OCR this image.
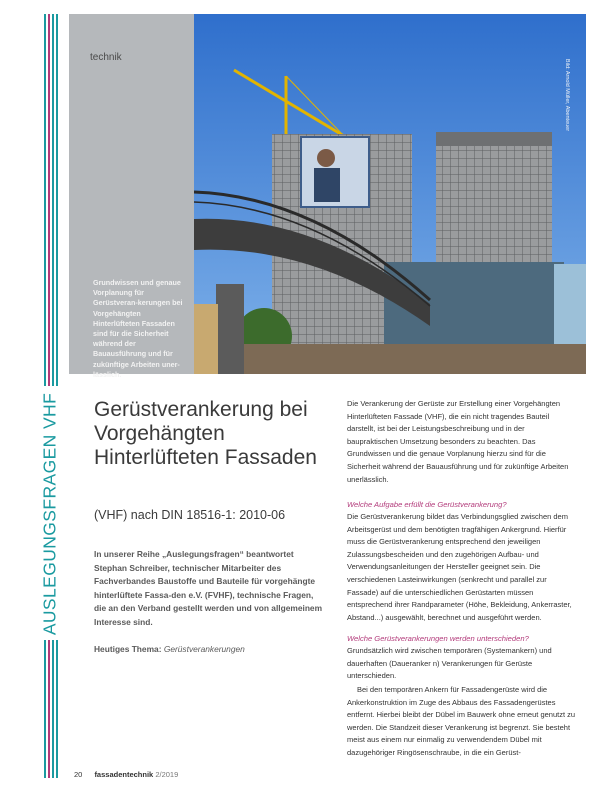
AUSLEGUNGSFRAGEN VHF
technik

Grundwissen und genaue Vorplanung für Gerüstveran-kerungen bei Vorgehängten Hinterlüfteten Fassaden sind für die Sicherheit während der Bauausführung und für zukünftige Arbeiten uner-lässlich.

Bild: Arnold Müller, Abenteuer
Gerüstverankerung bei Vorgehängten Hinterlüfteten Fassaden

(VHF) nach DIN 18516-1: 2010-06

In unserer Reihe „Auslegungsfragen“ beantwortet Stephan Schreiber, technischer Mitarbeiter des Fachverbandes Baustoffe und Bauteile für vorgehängte hinterlüftete Fassa-den e.V. (FVHF), technische Fragen, die an den Verband gestellt werden und von allgemeinem Interesse sind.

Heutiges Thema: Gerüstverankerungen

Die Verankerung der Gerüste zur Erstellung einer Vorgehängten Hinterlüfteten Fassade (VHF), die ein nicht tragendes Bauteil darstellt, ist bei der Leistungsbeschreibung und in der baupraktischen Umsetzung besonders zu beachten. Das Grundwissen und die genaue Vorplanung hierzu sind für die Sicherheit während der Bauausführung und für zukünftige Arbeiten unerlässlich.

Welche Aufgabe erfüllt die Gerüstverankerung?

Die Gerüstverankerung bildet das Verbindungsglied zwischen dem Arbeitsgerüst und dem benötigten tragfähigen Ankergrund. Hierfür muss die Gerüstverankerung entsprechend den jeweiligen Zulassungsbescheiden und den zugehörigen Aufbau- und Verwendungsanleitungen der Hersteller geeignet sein. Die verschiedenen Lasteinwirkungen (senkrecht und parallel zur Fassade) auf die unterschiedlichen Gerüstarten müssen entsprechend ihrer Randparameter (Höhe, Bekleidung, Ankerraster, Abstand...) ausgewählt, berechnet und ausgeführt werden.

Welche Gerüstverankerungen werden unterschieden?

Grundsätzlich wird zwischen temporären (Systemankern) und dauerhaften (Daueranker n) Verankerungen für Gerüste unterschieden.

Bei den temporären Ankern für Fassadengerüste wird die Ankerkonstruktion im Zuge des Abbaus des Fassadengerüstes entfernt. Hierbei bleibt der Dübel im Bauwerk ohne erneut genutzt zu werden. Die Standzeit dieser Verankerung ist begrenzt. Sie besteht meist aus einem nur einmalig zu verwendendem Dübel mit dazugehöriger Ringösenschraube, in die ein Gerüst-

20 fassadentechnik 2/2019
